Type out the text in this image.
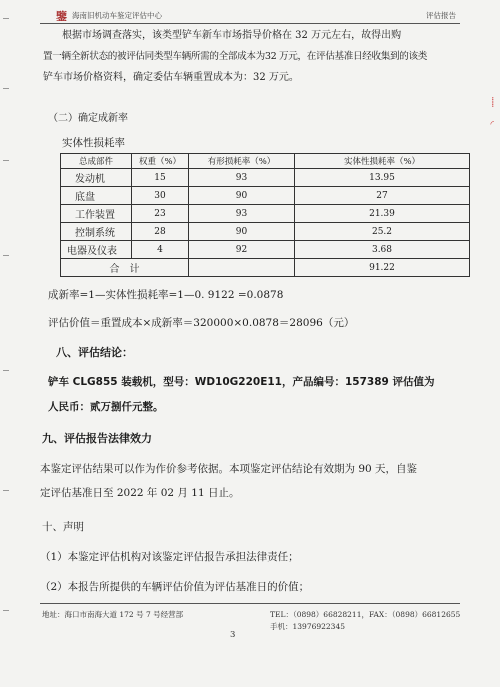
⸽
◜
鑒 海南旧机动车鉴定评估中心	评估报告
根据市场调查落实，该类型铲车新车市场指导价格在 32 万元左右，故得出购
置一辆全新状态的被评估同类型车辆所需的全部成本为32 万元，在评估基准日经收集到的该类
铲车市场价格资料，确定委估车辆重置成本为：32 万元。
（二）确定成新率
实体性损耗率
总成部件	权重（%）	有形损耗率（%）	实体性损耗率（%）
发动机	15	93	13.95
底盘	30	90	27
工作装置	23	93	21.39
控制系统	28	90	25.2
电器及仪表	4	92	3.68
合　计			91.22
成新率=1—实体性损耗率=1—0. 9122 =0.0878
评估价值＝重置成本×成新率＝320000×0.0878＝28096（元）
八、评估结论：
铲车 CLG855 装载机，型号：WD10G220E11，产品编号：157389 评估值为
人民币：贰万捌仟元整。
九、评估报告法律效力
本鉴定评估结果可以作为作价参考依据。本项鉴定评估结论有效期为 90 天，自鉴
定评估基准日至 2022 年 02 月 11 日止。
十、声明
（1）本鉴定评估机构对该鉴定评估报告承担法律责任；
（2）本报告所提供的车辆评估价值为评估基准日的价值；
地址：海口市南海大道 172 号 7 号经营部	TEL：（0898）66828211，FAX：（0898）66812655
手机：13976922345
3
